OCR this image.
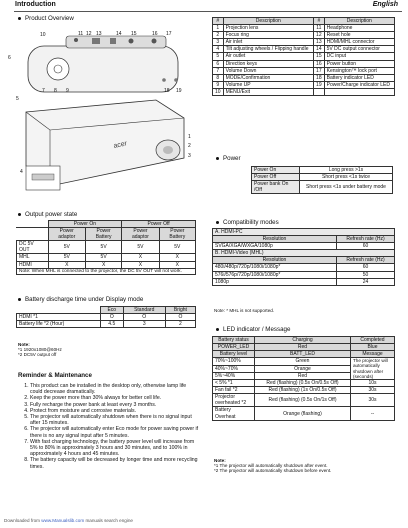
Introduction	English
Product Overview
acer
10	11 12 13	14 15	16 17
6
7 8 9	18 19
5
1
2
3
4
#	Description	#	Description
1	Projection lens	11	Headphone
2	Focus ring	12	Reset hole
3	Air inlet	13	HDMI/MHL connector
4	Tilt adjusting wheels / Flipping handle	14	5V DC output connector
5	Air outlet	15	DC input
6	Direction keys	16	Power button
7	Volume Down	17	Kensington™ lock port
8	MODE/Confirmation	18	Battery indicator LED
9	Volume UP	19	Power/Charge indicator LED
10	MENU/Exit		
Power
Power On	Long press >1s
Power Off	Short press <1s twice
Power bank On /Off	Short press <1s under battery mode
Output power state
	Power On		Power Off	
	Power adaptor	Power Battery	Power adaptor	Power Battery
DC 5V OUT	5V	5V	5V	5V
MHL	5V	5V	X	X
HDMI	X	X	X	X
Note: When MHL is connected to the projector, the DC 5V OUT will not work.				
Battery discharge time under Display mode
	Eco	Standard	Bright
HDMI *1	O	O	O
Battery life *2 (Hour)	4.5	3	2
Note:
*1 1920x1080@60Hz
*2 DC5V output off
Reminder & Maintenance
1. This product can be installed in the desktop only, otherwise lamp life could decrease dramatically.
2. Keep the power more than 30% always for better cell life.
3. Fully recharge the power bank at least every 3 months.
4. Protect from moisture and corrosive materials.
5. The projector will automatically shutdown when there is no signal input after 15 minutes.
6. The projector will automatically enter Eco mode for power saving power if there is no any signal input after 5 minutes.
7. With fast charging technology, the battery power level will increase from 5% to 80% in approximately 3 hours and 30 minutes, and to 100% in approximately 4 hours and 45 minutes.
8. The battery capacity will be decreased by longer time and more recycling times.
Compatibility modes
A. HDMI-PC	
Resolution	Refresh rate (Hz)
SVGA/XGA/WXGA/1080p	60
B. HDMI-Video (MHL)	
Resolution	Refresh rate (Hz)
480i/480p/720p/1080i/1080p*	60
576i/576p/720p/1080i/1080p*	50
1080p	24
Note: * MHL is not supported.
LED indicator / Message
Battery status	Charging	Completed
POWER_LED	Red	Blue
Battery level	BATT_LED	Message
70%~100%	Green	The projector will automatically shutdown after (seconds)
40%~70%	Orange	
5%~40%	Red	
< 5% *1	Red (flashing) (0.5s On/0.5s Off)	10s
Fan fail *2	Red (flashing) (1s On/0.5s Off)	30s
Projector overheated *2	Red (flashing) (0.5s On/1s Off)	30s
Battery Overheat	Orange (flashing)	--
Note:
*1 The projector will automatically shutdown after event.
*2 The projector will automatically shutdown before event.
Downloaded from www.Manualslib.com manuals search engine
